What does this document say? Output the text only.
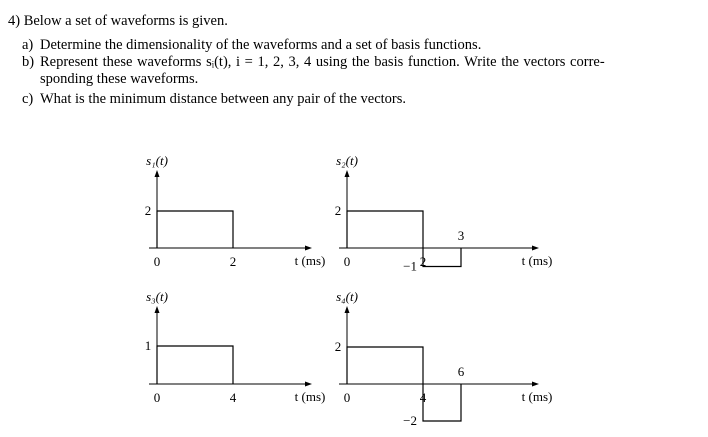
4) Below a set of waveforms is given.
a) Determine the dimensionality of the waveforms and a set of basis functions.
b) Represent these waveforms sᵢ(t), i = 1, 2, 3, 4 using the basis function. Write the vectors corre-
sponding these waveforms.
c) What is the minimum distance between any pair of the vectors.
s₁(t)
t (ms)
0	2
2
s₂(t)
t (ms)
0	2
2
−1
3
s₃(t)
t (ms)
0	4
1
s₄(t)
t (ms)
0	4
2
−2
6
